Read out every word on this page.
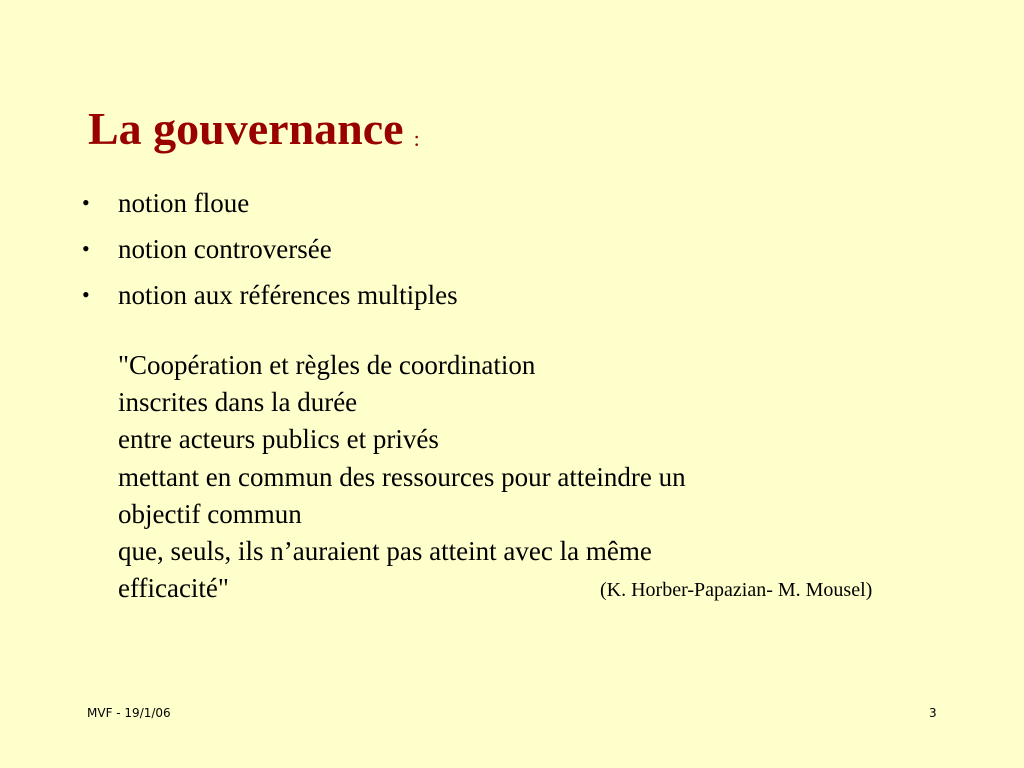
La gouvernance :
• notion floue
• notion controversée
• notion aux références multiples
"Coopération et règles de coordination
inscrites dans la durée
entre acteurs publics et privés
mettant en commun des ressources pour atteindre un
objectif commun
que, seuls, ils n’auraient pas atteint avec la même
efficacité"	(K. Horber-Papazian- M. Mousel)
MVF - 19/1/06	3
